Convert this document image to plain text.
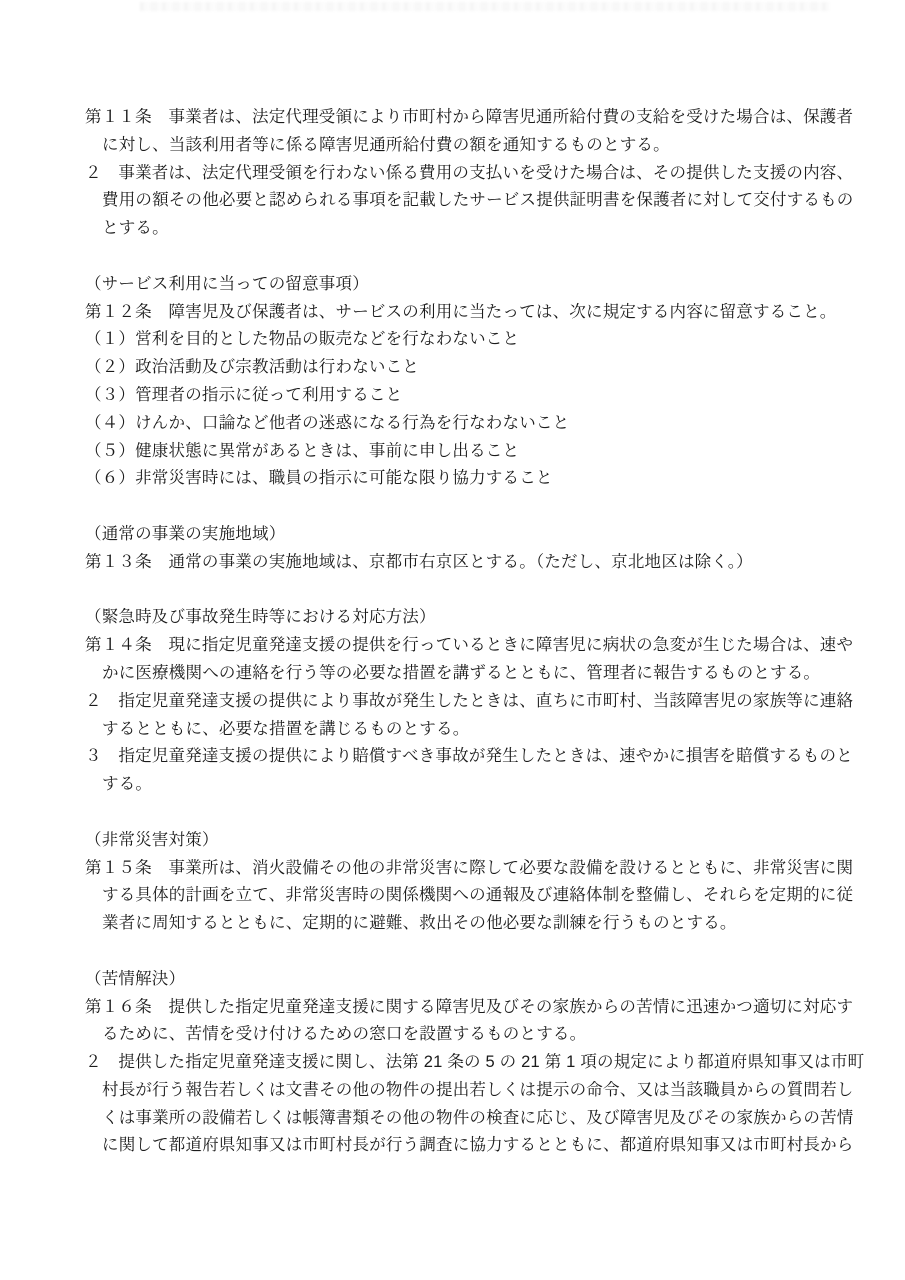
第１１条　事業者は、法定代理受領により市町村から障害児通所給付費の支給を受けた場合は、保護者
に対し、当該利用者等に係る障害児通所給付費の額を通知するものとする。
２　事業者は、法定代理受領を行わない係る費用の支払いを受けた場合は、その提供した支援の内容、
費用の額その他必要と認められる事項を記載したサービス提供証明書を保護者に対して交付するもの
とする。
（サービス利用に当っての留意事項）
第１２条　障害児及び保護者は、サービスの利用に当たっては、次に規定する内容に留意すること。
（１）営利を目的とした物品の販売などを行なわないこと
（２）政治活動及び宗教活動は行わないこと
（３）管理者の指示に従って利用すること
（４）けんか、口論など他者の迷惑になる行為を行なわないこと
（５）健康状態に異常があるときは、事前に申し出ること
（６）非常災害時には、職員の指示に可能な限り協力すること
（通常の事業の実施地域）
第１３条　通常の事業の実施地域は、京都市右京区とする。（ただし、京北地区は除く。）
（緊急時及び事故発生時等における対応方法）
第１４条　現に指定児童発達支援の提供を行っているときに障害児に病状の急変が生じた場合は、速や
かに医療機関への連絡を行う等の必要な措置を講ずるとともに、管理者に報告するものとする。
２　指定児童発達支援の提供により事故が発生したときは、直ちに市町村、当該障害児の家族等に連絡
するとともに、必要な措置を講じるものとする。
３　指定児童発達支援の提供により賠償すべき事故が発生したときは、速やかに損害を賠償するものと
する。
（非常災害対策）
第１５条　事業所は、消火設備その他の非常災害に際して必要な設備を設けるとともに、非常災害に関
する具体的計画を立て、非常災害時の関係機関への通報及び連絡体制を整備し、それらを定期的に従
業者に周知するとともに、定期的に避難、救出その他必要な訓練を行うものとする。
（苦情解決）
第１６条　提供した指定児童発達支援に関する障害児及びその家族からの苦情に迅速かつ適切に対応す
るために、苦情を受け付けるための窓口を設置するものとする。
２　提供した指定児童発達支援に関し、法第 21 条の 5 の 21 第 1 項の規定により都道府県知事又は市町
村長が行う報告若しくは文書その他の物件の提出若しくは提示の命令、又は当該職員からの質問若し
くは事業所の設備若しくは帳簿書類その他の物件の検査に応じ、及び障害児及びその家族からの苦情
に関して都道府県知事又は市町村長が行う調査に協力するとともに、都道府県知事又は市町村長から
